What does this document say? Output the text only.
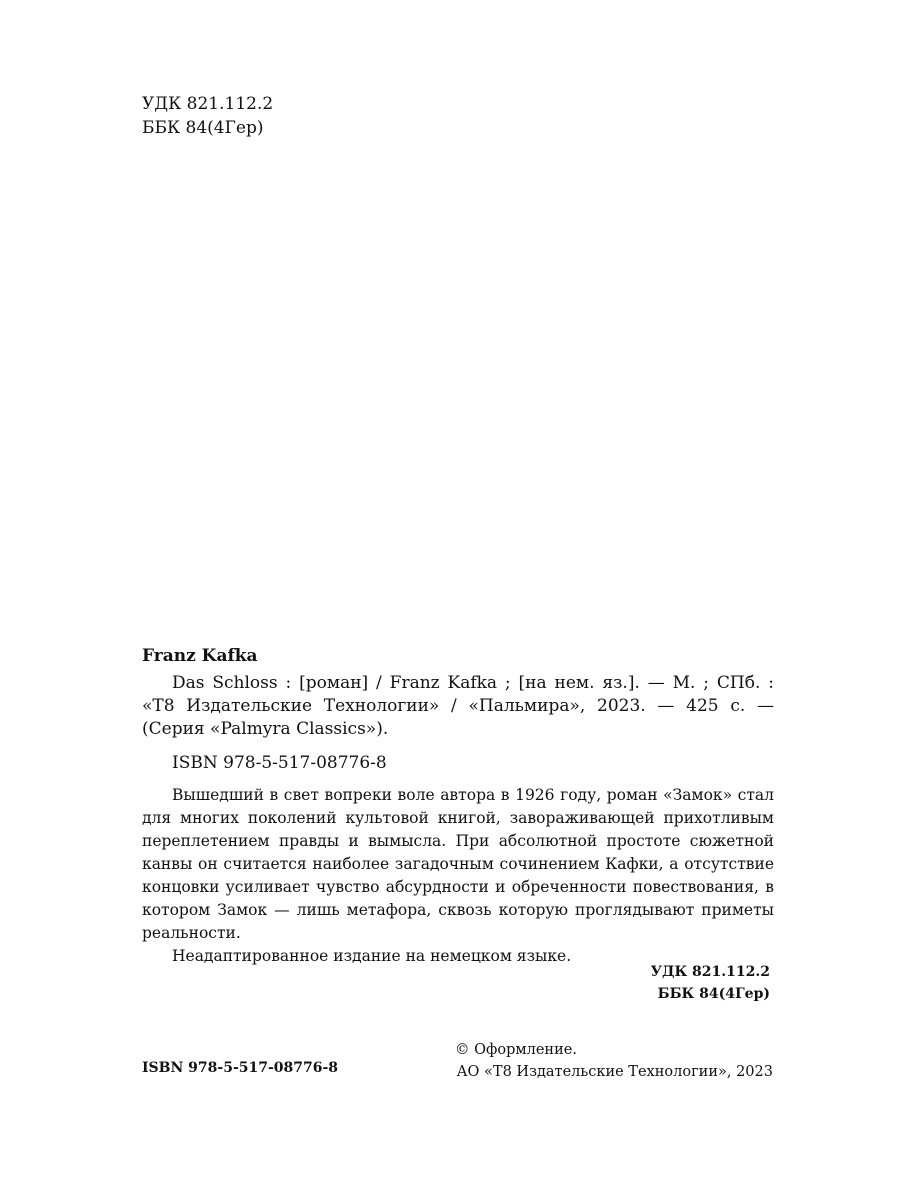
УДК 821.112.2
ББК 84(4Гер)

Franz Kafka

Das Schloss : [роман] / Franz Kafka ; [на нем. яз.]. — М. ; СПб. : «Т8 Издательские Технологии» / «Пальмира», 2023. — 425 с. — (Серия «Palmyra Classics»).

ISBN 978-5-517-08776-8

Вышедший в свет вопреки воле автора в 1926 году, роман «Замок» стал для многих поколений культовой книгой, завораживающей прихотливым переплетением правды и вымысла. При абсолютной простоте сюжетной канвы он считается наиболее загадочным сочинением Кафки, а отсутствие концовки усиливает чувство абсурдности и обреченности повествования, в котором Замок — лишь метафора, сквозь которую проглядывают приметы реальности.

Неадаптированное издание на немецком языке.

УДК 821.112.2
ББК 84(4Гер)
© Оформление.
АО «Т8 Издательские Технологии», 2023
ISBN 978-5-517-08776-8
